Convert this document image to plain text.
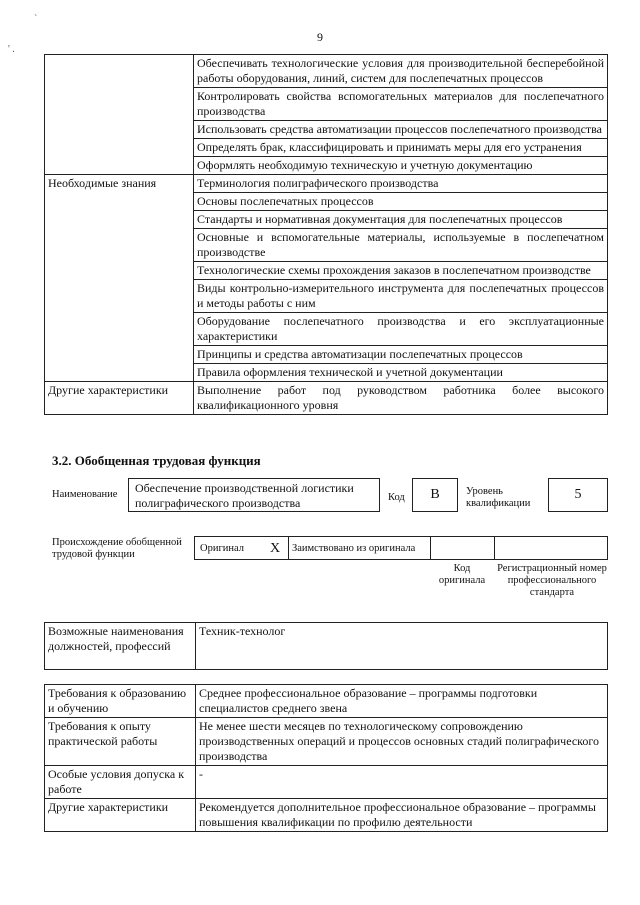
`
' .
9
	Обеспечивать технологические условия для производительной бесперебойной работы оборудования, линий, систем для послепечатных процессов
	Контролировать свойства вспомогательных материалов для послепечатного производства
	Использовать средства автоматизации процессов послепечатного производства
	Определять брак, классифицировать и принимать меры для его устранения
	Оформлять необходимую техническую и учетную документацию
Необходимые знания	Терминология полиграфического производства
	Основы послепечатных процессов
	Стандарты и нормативная документация для послепечатных процессов
	Основные и вспомогательные материалы, используемые в послепечатном производстве
	Технологические схемы прохождения заказов в послепечатном производстве
	Виды контрольно-измерительного инструмента для послепечатных процессов и методы работы с ним
	Оборудование послепечатного производства и его эксплуатационные характеристики
	Принципы и средства автоматизации послепечатных процессов
	Правила оформления технической и учетной документации
Другие характеристики	Выполнение работ под руководством работника более высокого квалификационного уровня
3.2. Обобщенная трудовая функция
Наименование	Обеспечение производственной логистики полиграфического производства	Код	В	Уровень квалификации
5
Происхождение обобщенной трудовой функции
Оригинал X Заимствовано из оригинала
Код оригинала
Регистрационный номер профессионального стандарта
Возможные наименования должностей, профессий	Техник-технолог
Требования к образованию и обучению	Среднее профессиональное образование – программы подготовки специалистов среднего звена
Требования к опыту практической работы	Не менее шести месяцев по технологическому сопровождению производственных операций и процессов основных стадий полиграфического производства
Особые условия допуска к работе	-
Другие характеристики	Рекомендуется дополнительное профессиональное образование – программы повышения квалификации по профилю деятельности
